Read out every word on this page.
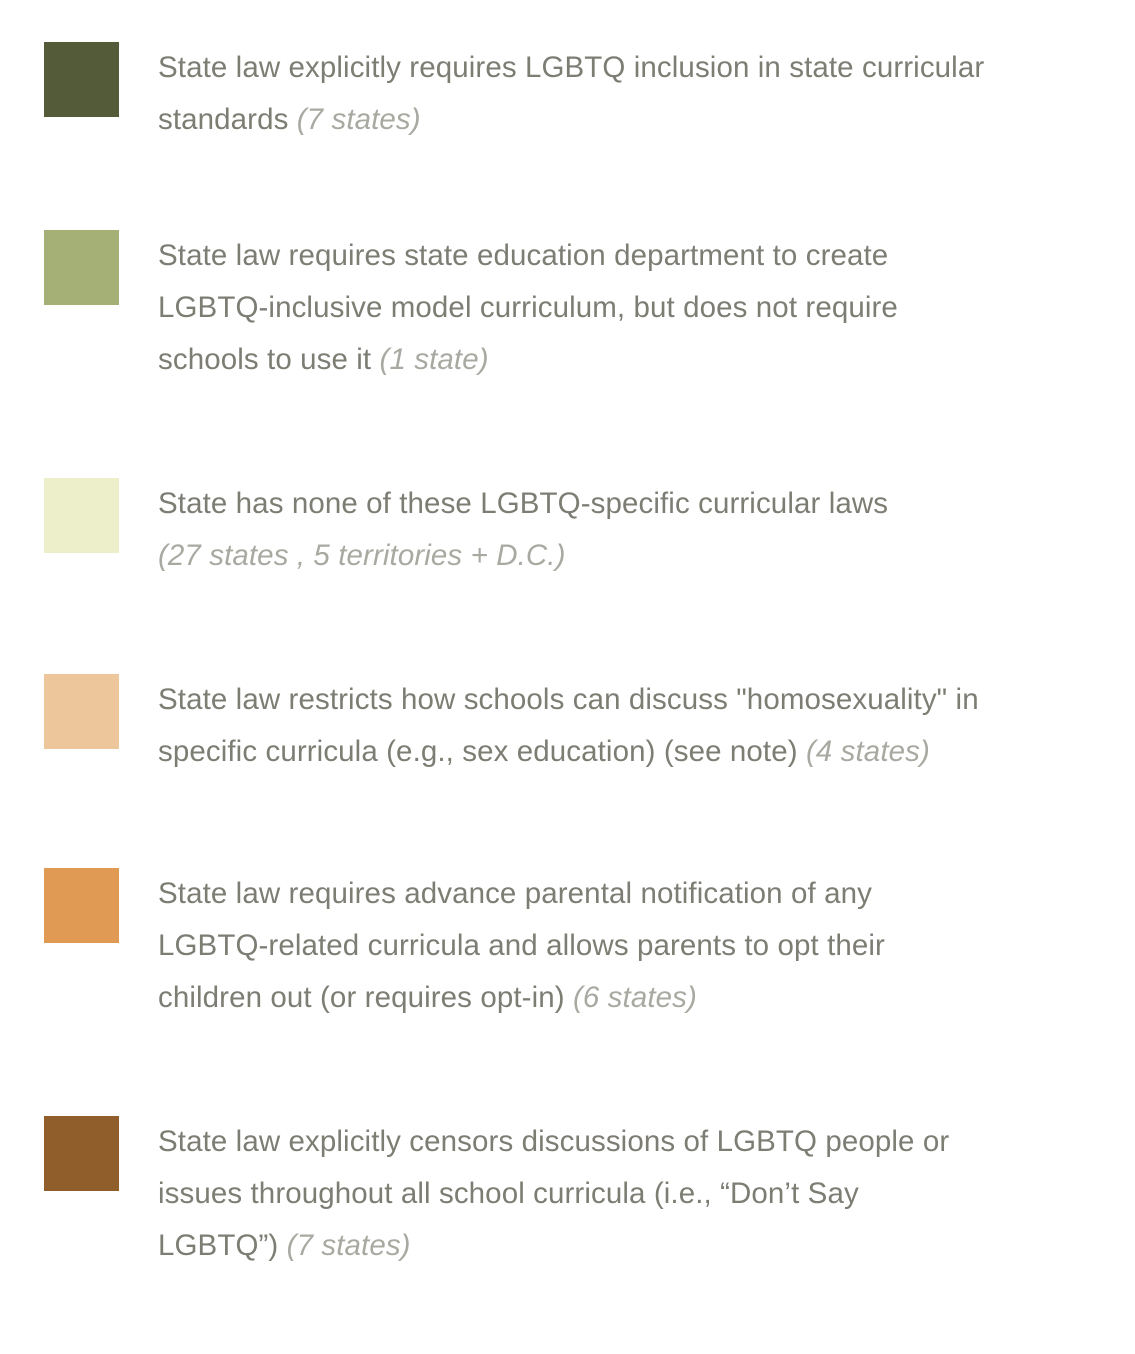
State law explicitly requires LGBTQ inclusion in state curricular standards (7 states)
State law requires state education department to create LGBTQ-inclusive model curriculum, but does not require schools to use it (1 state)
State has none of these LGBTQ-specific curricular laws (27 states , 5 territories + D.C.)
State law restricts how schools can discuss "homosexuality" in specific curricula (e.g., sex education) (see note) (4 states)
State law requires advance parental notification of any LGBTQ-related curricula and allows parents to opt their children out (or requires opt-in) (6 states)
State law explicitly censors discussions of LGBTQ people or issues throughout all school curricula (i.e., “Don’t Say LGBTQ”) (7 states)
